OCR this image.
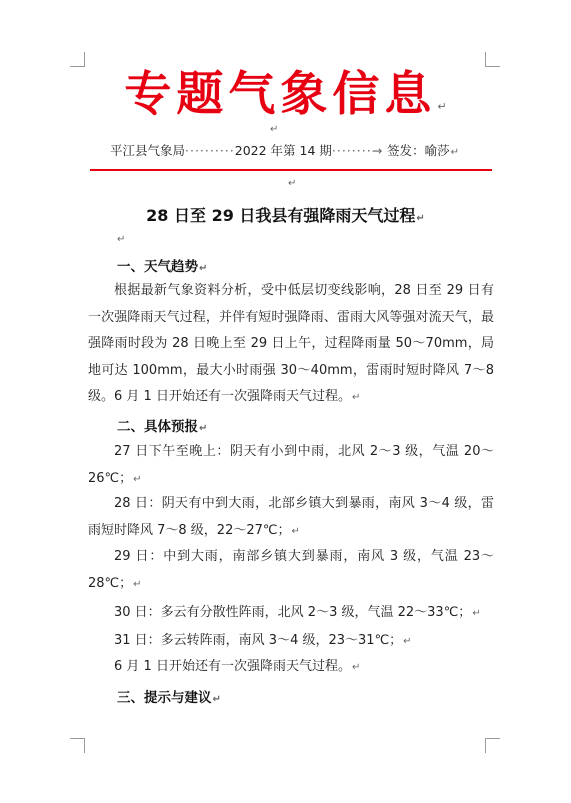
专题气象信息↵
↵
平江县气象局··········2022 年第 14 期········→ 签发：喻莎↵
↵
28 日至 29 日我县有强降雨天气过程↵
↵
一、天气趋势↵
根据最新气象资料分析，受中低层切变线影响，28 日至 29 日有一次强降雨天气过程，并伴有短时强降雨、雷雨大风等强对流天气，最强降雨时段为 28 日晚上至 29 日上午，过程降雨量 50～70mm，局地可达 100mm，最大小时雨强 30～40mm，雷雨时短时降风 7～8 级。6 月 1 日开始还有一次强降雨天气过程。↵
二、具体预报↵
27 日下午至晚上：阴天有小到中雨，北风 2～3 级，气温 20～26℃；↵
28 日：阴天有中到大雨，北部乡镇大到暴雨，南风 3～4 级，雷雨短时降风 7～8 级，22～27℃；↵
29 日：中到大雨，南部乡镇大到暴雨，南风 3 级，气温 23～28℃；↵
30 日：多云有分散性阵雨，北风 2～3 级，气温 22～33℃；↵
31 日：多云转阵雨，南风 3～4 级，23～31℃；↵
6 月 1 日开始还有一次强降雨天气过程。↵
三、提示与建议↵
